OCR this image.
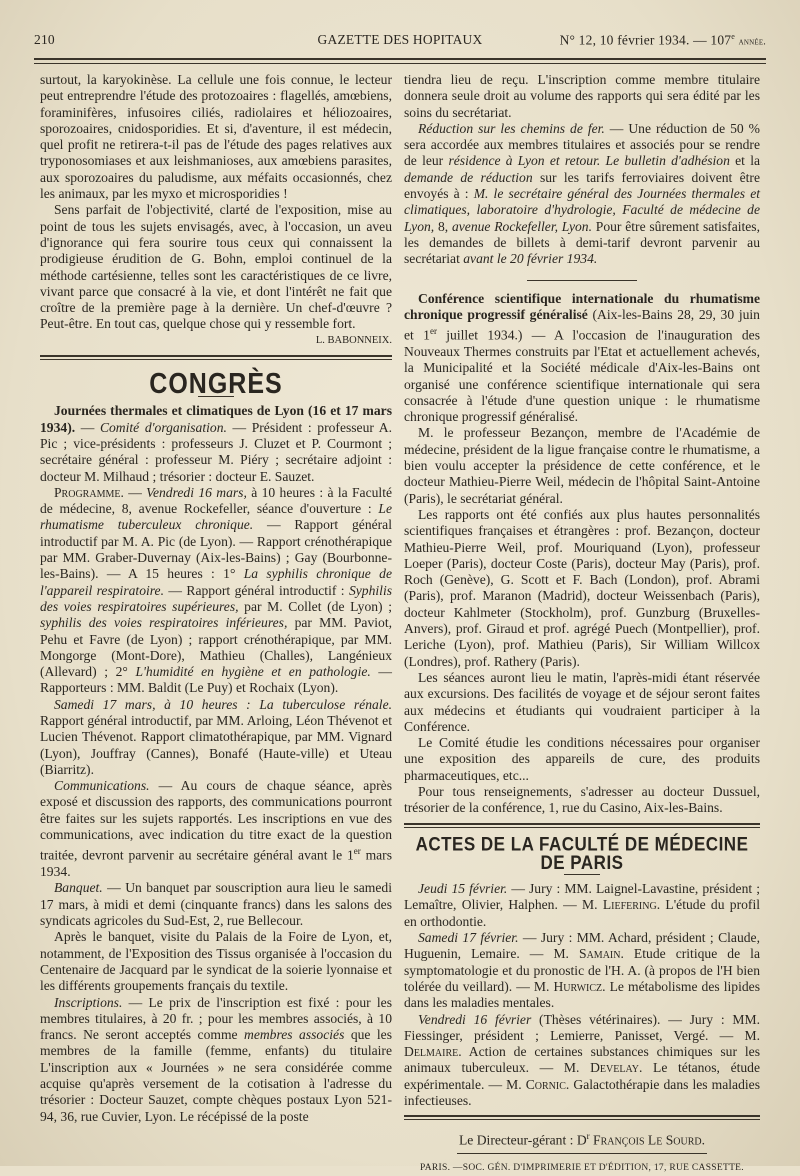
210	GAZETTE DES HOPITAUX	N° 12, 10 février 1934. — 107e année.

surtout, la karyokinèse. La cellule une fois connue, le lecteur peut entreprendre l'étude des protozoaires : flagellés, amœbiens, foraminifères, infusoires ciliés, radiolaires et héliozoaires, sporozoaires, cnidosporidies. Et si, d'aventure, il est médecin, quel profit ne retirera-t-il pas de l'étude des pages relatives aux tryponosomiases et aux leishmanioses, aux amœbiens parasites, aux sporozoaires du paludisme, aux méfaits occasionnés, chez les animaux, par les myxo et microsporidies !

Sens parfait de l'objectivité, clarté de l'exposition, mise au point de tous les sujets envisagés, avec, à l'occasion, un aveu d'ignorance qui fera sourire tous ceux qui connaissent la prodigieuse érudition de G. Bohn, emploi continuel de la méthode cartésienne, telles sont les caractéristiques de ce livre, vivant parce que consacré à la vie, et dont l'intérêt ne fait que croître de la première page à la dernière. Un chef-d'œuvre ? Peut-être. En tout cas, quelque chose qui y ressemble fort.

L. BABONNEIX.
CONGRÈS

Journées thermales et climatiques de Lyon (16 et 17 mars 1934). — Comité d'organisation. — Président : professeur A. Pic ; vice-présidents : professeurs J. Cluzet et P. Courmont ; secrétaire général : professeur M. Piéry ; secrétaire adjoint : docteur M. Milhaud ; trésorier : docteur E. Sauzet.

Programme. — Vendredi 16 mars, à 10 heures : à la Faculté de médecine, 8, avenue Rockefeller, séance d'ouverture : Le rhumatisme tuberculeux chronique. — Rapport général introductif par M. A. Pic (de Lyon). — Rapport crénothérapique par MM. Graber-Duvernay (Aix-les-Bains) ; Gay (Bourbonne-les-Bains). — A 15 heures : 1° La syphilis chronique de l'appareil respiratoire. — Rapport général introductif : Syphilis des voies respiratoires supérieures, par M. Collet (de Lyon) ; syphilis des voies respiratoires inférieures, par MM. Paviot, Pehu et Favre (de Lyon) ; rapport crénothérapique, par MM. Mongorge (Mont-Dore), Mathieu (Challes), Langénieux (Allevard) ; 2° L'humidité en hygiène et en pathologie. — Rapporteurs : MM. Baldit (Le Puy) et Rochaix (Lyon).

Samedi 17 mars, à 10 heures : La tuberculose rénale. Rapport général introductif, par MM. Arloing, Léon Thévenot et Lucien Thévenot. Rapport climatothérapique, par MM. Vignard (Lyon), Jouffray (Cannes), Bonafé (Haute-ville) et Uteau (Biarritz).

Communications. — Au cours de chaque séance, après exposé et discussion des rapports, des communications pourront être faites sur les sujets rapportés. Les inscriptions en vue des communications, avec indication du titre exact de la question traitée, devront parvenir au secrétaire général avant le 1er mars 1934.

Banquet. — Un banquet par souscription aura lieu le samedi 17 mars, à midi et demi (cinquante francs) dans les salons des syndicats agricoles du Sud-Est, 2, rue Bellecour.

Après le banquet, visite du Palais de la Foire de Lyon, et, notamment, de l'Exposition des Tissus organisée à l'occasion du Centenaire de Jacquard par le syndicat de la soierie lyonnaise et les différents groupements français du textile.

Inscriptions. — Le prix de l'inscription est fixé : pour les membres titulaires, à 20 fr. ; pour les membres associés, à 10 francs. Ne seront acceptés comme membres associés que les membres de la famille (femme, enfants) du titulaire L'inscription aux « Journées » ne sera considérée comme acquise qu'après versement de la cotisation à l'adresse du trésorier : Docteur Sauzet, compte chèques postaux Lyon 521-94, 36, rue Cuvier, Lyon. Le récépissé de la poste

tiendra lieu de reçu. L'inscription comme membre titulaire donnera seule droit au volume des rapports qui sera édité par les soins du secrétariat.

Réduction sur les chemins de fer. — Une réduction de 50 % sera accordée aux membres titulaires et associés pour se rendre de leur résidence à Lyon et retour. Le bulletin d'adhésion et la demande de réduction sur les tarifs ferroviaires doivent être envoyés à : M. le secrétaire général des Journées thermales et climatiques, laboratoire d'hydrologie, Faculté de médecine de Lyon, 8, avenue Rockefeller, Lyon. Pour être sûrement satisfaites, les demandes de billets à demi-tarif devront parvenir au secrétariat avant le 20 février 1934.

Conférence scientifique internationale du rhumatisme chronique progressif généralisé (Aix-les-Bains 28, 29, 30 juin et 1er juillet 1934.) — A l'occasion de l'inauguration des Nouveaux Thermes construits par l'Etat et actuellement achevés, la Municipalité et la Société médicale d'Aix-les-Bains ont organisé une conférence scientifique internationale qui sera consacrée à l'étude d'une question unique : le rhumatisme chronique progressif généralisé.

M. le professeur Bezançon, membre de l'Académie de médecine, président de la ligue française contre le rhumatisme, a bien voulu accepter la présidence de cette conférence, et le docteur Mathieu-Pierre Weil, médecin de l'hôpital Saint-Antoine (Paris), le secrétariat général.

Les rapports ont été confiés aux plus hautes personnalités scientifiques françaises et étrangères : prof. Bezançon, docteur Mathieu-Pierre Weil, prof. Mouriquand (Lyon), professeur Loeper (Paris), docteur Coste (Paris), docteur May (Paris), prof. Roch (Genève), G. Scott et F. Bach (London), prof. Abrami (Paris), prof. Maranon (Madrid), docteur Weissenbach (Paris), docteur Kahlmeter (Stockholm), prof. Gunzburg (Bruxelles-Anvers), prof. Giraud et prof. agrégé Puech (Montpellier), prof. Leriche (Lyon), prof. Mathieu (Paris), Sir William Willcox (Londres), prof. Rathery (Paris).

Les séances auront lieu le matin, l'après-midi étant réservée aux excursions. Des facilités de voyage et de séjour seront faites aux médecins et étudiants qui voudraient participer à la Conférence.

Le Comité étudie les conditions nécessaires pour organiser une exposition des appareils de cure, des produits pharmaceutiques, etc...

Pour tous renseignements, s'adresser au docteur Dussuel, trésorier de la conférence, 1, rue du Casino, Aix-les-Bains.

ACTES DE LA FACULTÉ DE MÉDECINE DE PARIS

Jeudi 15 février. — Jury : MM. Laignel-Lavastine, président ; Lemaître, Olivier, Halphen. — M. Liefering. L'étude du profil en orthodontie.

Samedi 17 février. — Jury : MM. Achard, président ; Claude, Huguenin, Lemaire. — M. Samain. Etude critique de la symptomatologie et du pronostic de l'H. A. (à propos de l'H bien tolérée du veillard). — M. Hurwicz. Le métabolisme des lipides dans les maladies mentales.

Vendredi 16 février (Thèses vétérinaires). — Jury : MM. Fiessinger, président ; Lemierre, Panisset, Vergé. — M. Delmaire. Action de certaines substances chimiques sur les animaux tuberculeux. — M. Develay. Le tétanos, étude expérimentale. — M. Cornic. Galactothérapie dans les maladies infectieuses.

Le Directeur-gérant : $D^r$ François Le Sourd.
PARIS. —SOC. GÉN. D'IMPRIMERIE ET D'ÉDITION, 17, RUE CASSETTE.
